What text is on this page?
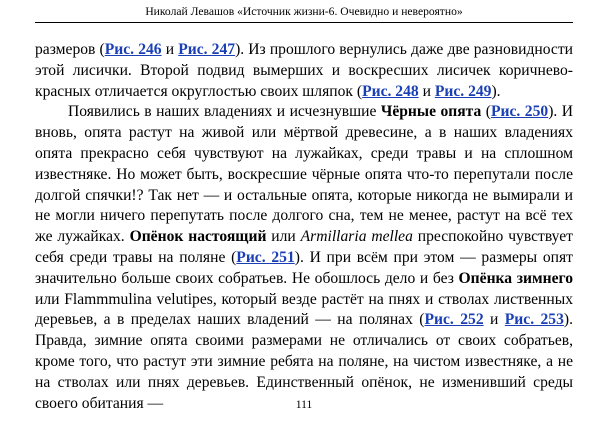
Николай Левашов «Источник жизни-6. Очевидно и невероятно»

размеров (Рис. 246 и Рис. 247). Из прошлого вернулись даже две разновидности этой лисички. Второй подвид вымерших и воскресших лисичек коричнево-красных отличается округлостью своих шляпок (Рис. 248 и Рис. 249).

Появились в наших владениях и исчезнувшие Чёрные опята (Рис. 250). И вновь, опята растут на живой или мёртвой древесине, а в наших владениях опята прекрасно себя чувствуют на лужайках, среди травы и на сплошном известняке. Но может быть, воскресшие чёрные опята что-то перепутали после долгой спячки!? Так нет — и остальные опята, которые никогда не вымирали и не могли ничего перепутать после долгого сна, тем не менее, растут на всё тех же лужайках. Опёнок настоящий или Armillaria mellea преспокойно чувствует себя среди травы на поляне (Рис. 251). И при всём при этом — размеры опят значительно больше своих собратьев. Не обошлось дело и без Опёнка зимнего или Flammmulina velutipes, который везде растёт на пнях и стволах лиственных деревьев, а в пределах наших владений — на полянах (Рис. 252 и Рис. 253). Правда, зимние опята своими размерами не отличались от своих собратьев, кроме того, что растут эти зимние ребята на поляне, на чистом известняке, а не на стволах или пнях деревьев. Единственный опёнок, не изменивший среды своего обитания —	111
